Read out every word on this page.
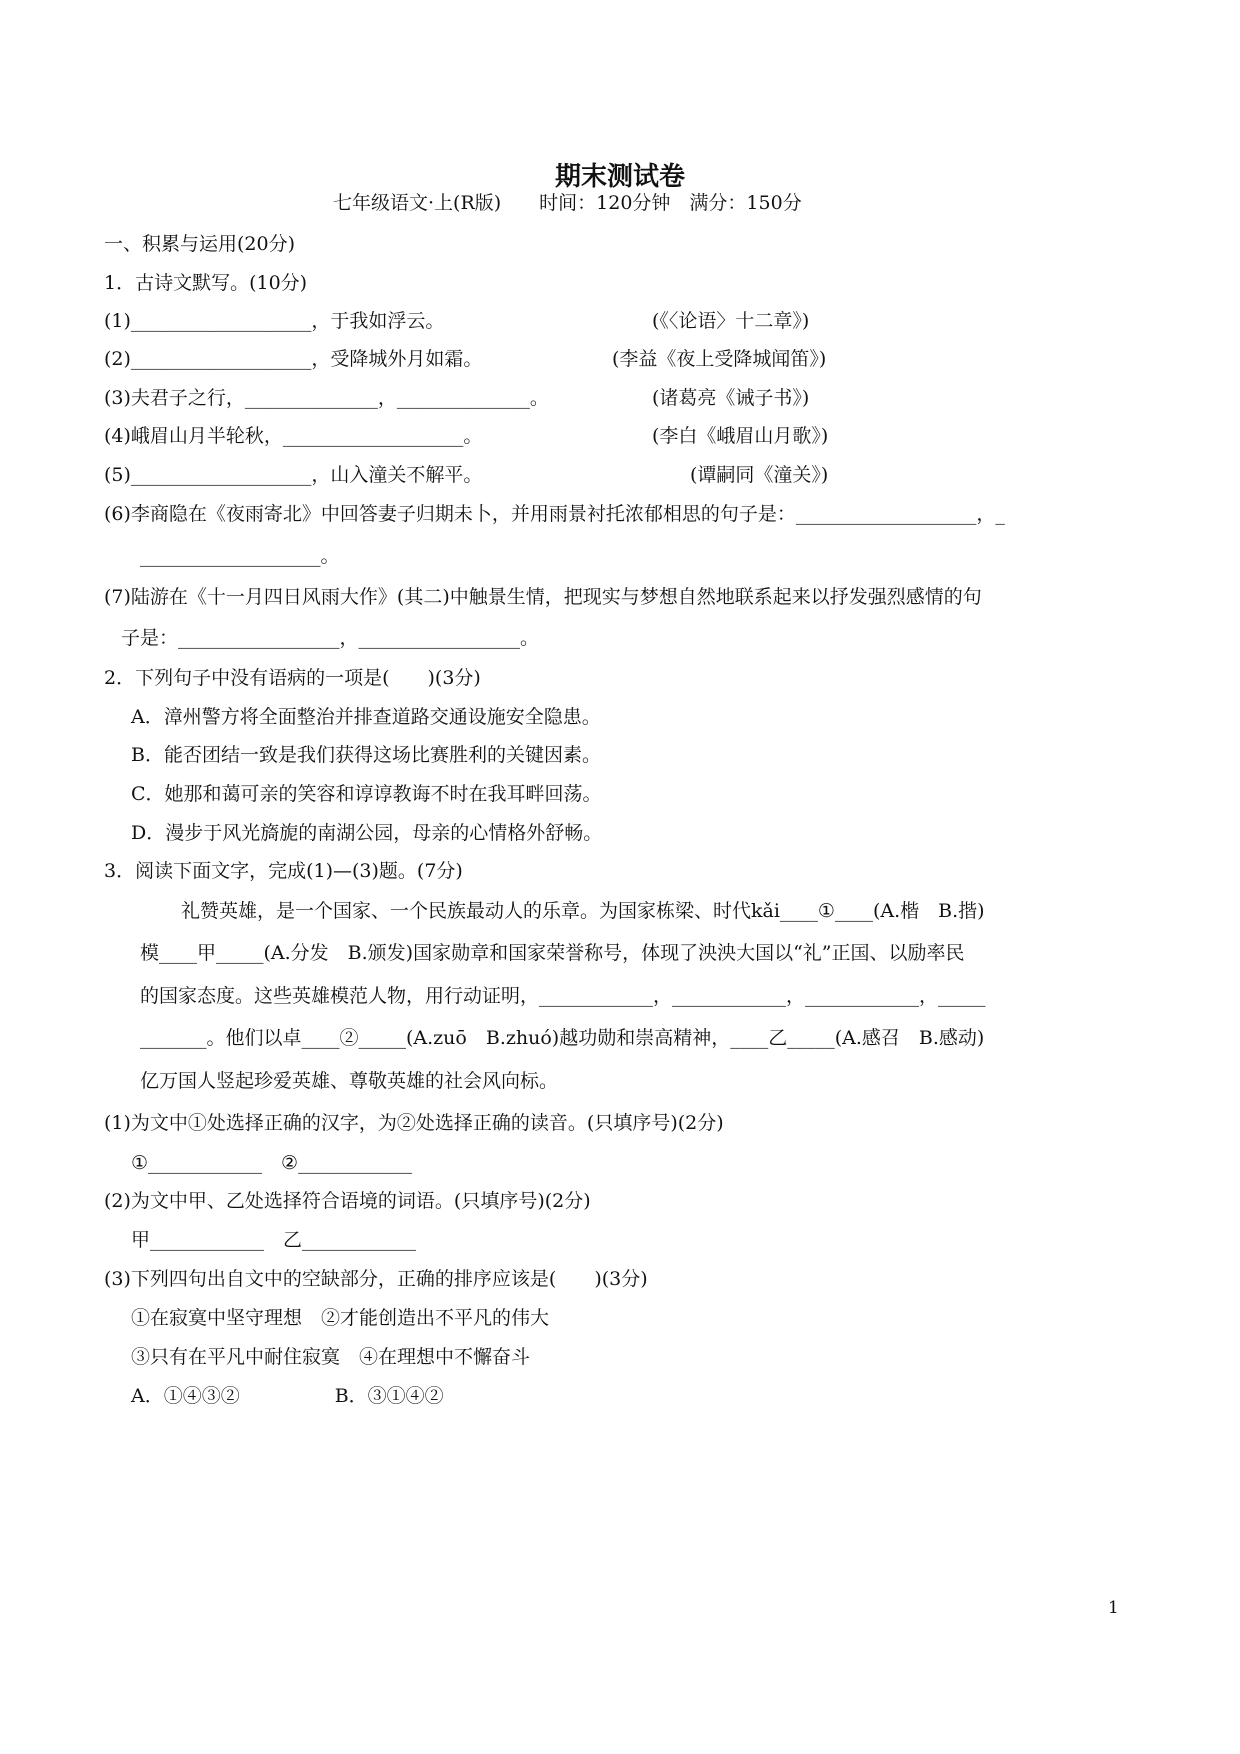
期末测试卷
七年级语文·上(R版)　　时间：120分钟　满分：150分
一、积累与运用(20分)
1．古诗文默写。(10分)
(1)___________________，于我如浮云。	(《〈论语〉十二章》)
(2)___________________，受降城外月如霜。	(李益《夜上受降城闻笛》)
(3)夫君子之行，______________，______________。	(诸葛亮《诫子书》)
(4)峨眉山月半轮秋，___________________。	(李白《峨眉山月歌》)
(5)___________________，山入潼关不解平。	(谭嗣同《潼关》)
(6)李商隐在《夜雨寄北》中回答妻子归期未卜，并用雨景衬托浓郁相思的句子是：___________________，_
___________________。
(7)陆游在《十一月四日风雨大作》(其二)中触景生情，把现实与梦想自然地联系起来以抒发强烈感情的句
子是：_________________，_________________。
2．下列句子中没有语病的一项是(　　)(3分)
A．漳州警方将全面整治并排查道路交通设施安全隐患。
B．能否团结一致是我们获得这场比赛胜利的关键因素。
C．她那和蔼可亲的笑容和谆谆教诲不时在我耳畔回荡。
D．漫步于风光旖旎的南湖公园，母亲的心情格外舒畅。
3．阅读下面文字，完成(1)—(3)题。(7分)
礼赞英雄，是一个国家、一个民族最动人的乐章。为国家栋梁、时代kǎi____①____(A.楷　B.揩)
模____甲_____(A.分发　B.颁发)国家勋章和国家荣誉称号，体现了泱泱大国以“礼”正国、以励率民
的国家态度。这些英雄模范人物，用行动证明，____________，____________，____________，_____
_______。他们以卓____②_____(A.zuō　B.zhuó)越功勋和崇高精神，____乙_____(A.感召　B.感动)
亿万国人竖起珍爱英雄、尊敬英雄的社会风向标。
(1)为文中①处选择正确的汉字，为②处选择正确的读音。(只填序号)(2分)
①____________　②____________
(2)为文中甲、乙处选择符合语境的词语。(只填序号)(2分)
甲____________　乙____________
(3)下列四句出自文中的空缺部分，正确的排序应该是(　　)(3分)
①在寂寞中坚守理想　②才能创造出不平凡的伟大
③只有在平凡中耐住寂寞　④在理想中不懈奋斗
A．①④③②　　　　　B．③①④②
1
